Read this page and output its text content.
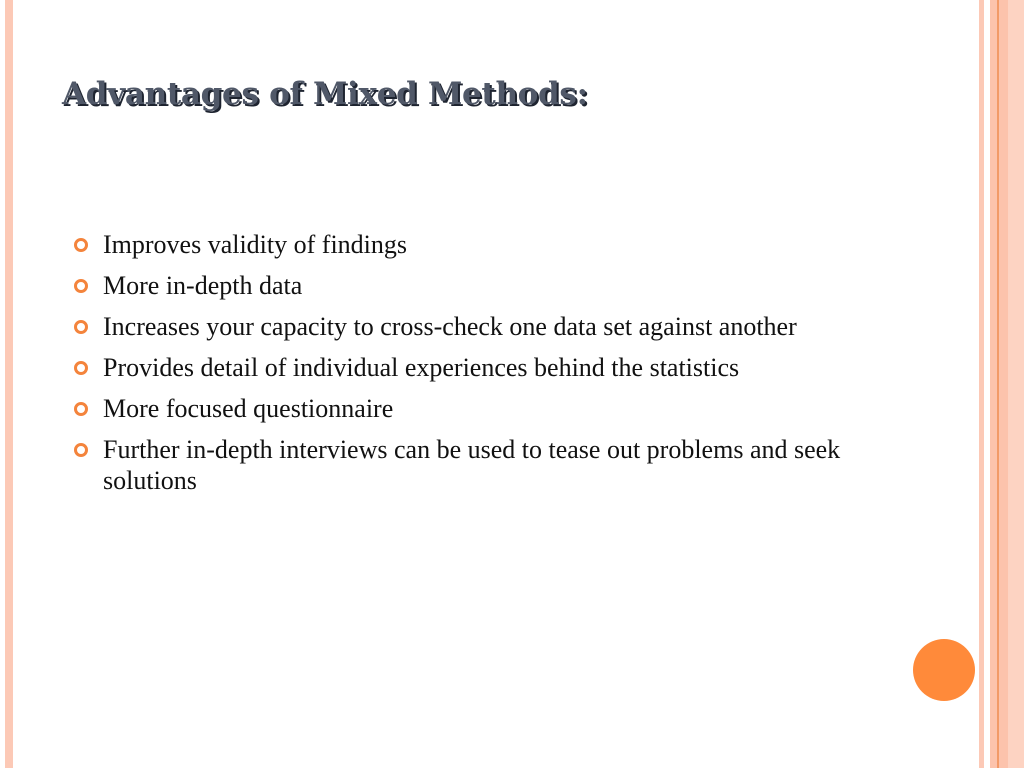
Advantages of Mixed Methods:
Improves validity of findings
More in-depth data
Increases your capacity to cross-check one data set against another
Provides detail of individual experiences behind the statistics
More focused questionnaire
Further in-depth interviews can be used to tease out problems and seek solutions
